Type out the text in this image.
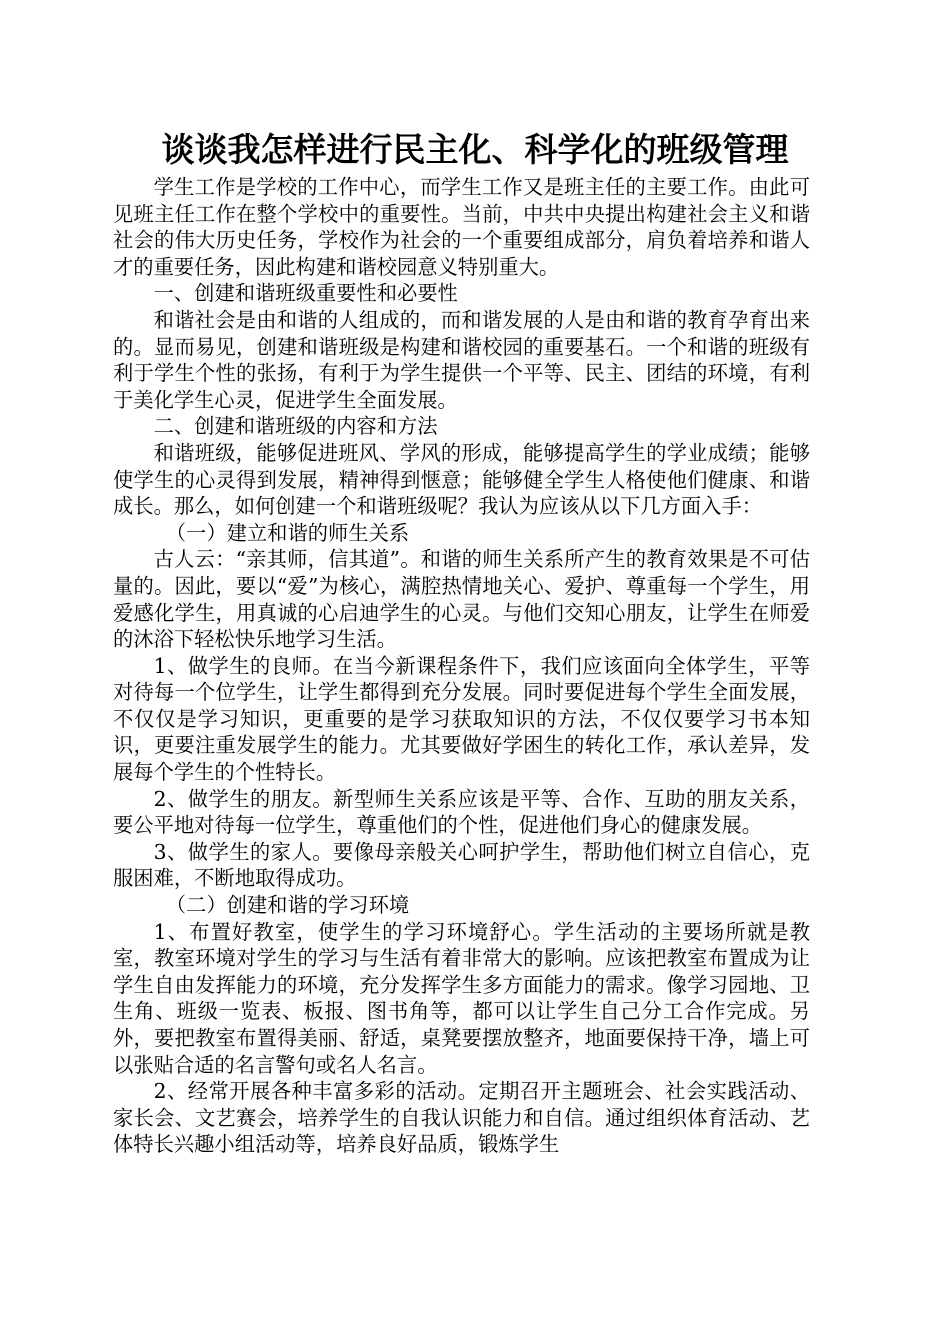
谈谈我怎样进行民主化、科学化的班级管理

学生工作是学校的工作中心，而学生工作又是班主任的主要工作。由此可见班主任工作在整个学校中的重要性。当前，中共中央提出构建社会主义和谐社会的伟大历史任务，学校作为社会的一个重要组成部分，肩负着培养和谐人才的重要任务，因此构建和谐校园意义特别重大。

一、创建和谐班级重要性和必要性

和谐社会是由和谐的人组成的，而和谐发展的人是由和谐的教育孕育出来的。显而易见，创建和谐班级是构建和谐校园的重要基石。一个和谐的班级有利于学生个性的张扬，有利于为学生提供一个平等、民主、团结的环境，有利于美化学生心灵，促进学生全面发展。

二、创建和谐班级的内容和方法

和谐班级，能够促进班风、学风的形成，能够提高学生的学业成绩；能够使学生的心灵得到发展，精神得到惬意；能够健全学生人格使他们健康、和谐成长。那么，如何创建一个和谐班级呢？我认为应该从以下几方面入手：

（一）建立和谐的师生关系

古人云：“亲其师，信其道”。和谐的师生关系所产生的教育效果是不可估量的。因此，要以“爱”为核心，满腔热情地关心、爱护、尊重每一个学生，用爱感化学生，用真诚的心启迪学生的心灵。与他们交知心朋友，让学生在师爱的沐浴下轻松快乐地学习生活。

1、做学生的良师。在当今新课程条件下，我们应该面向全体学生，平等对待每一个位学生，让学生都得到充分发展。同时要促进每个学生全面发展，不仅仅是学习知识，更重要的是学习获取知识的方法，不仅仅要学习书本知识，更要注重发展学生的能力。尤其要做好学困生的转化工作，承认差异，发展每个学生的个性特长。

2、做学生的朋友。新型师生关系应该是平等、合作、互助的朋友关系，要公平地对待每一位学生，尊重他们的个性，促进他们身心的健康发展。

3、做学生的家人。要像母亲般关心呵护学生，帮助他们树立自信心，克服困难，不断地取得成功。

（二）创建和谐的学习环境

1、布置好教室，使学生的学习环境舒心。学生活动的主要场所就是教室，教室环境对学生的学习与生活有着非常大的影响。应该把教室布置成为让学生自由发挥能力的环境，充分发挥学生多方面能力的需求。像学习园地、卫生角、班级一览表、板报、图书角等，都可以让学生自己分工合作完成。另外，要把教室布置得美丽、舒适，桌凳要摆放整齐，地面要保持干净，墙上可以张贴合适的名言警句或名人名言。

2、经常开展各种丰富多彩的活动。定期召开主题班会、社会实践活动、家长会、文艺赛会，培养学生的自我认识能力和自信。通过组织体育活动、艺体特长兴趣小组活动等，培养良好品质，锻炼学生
